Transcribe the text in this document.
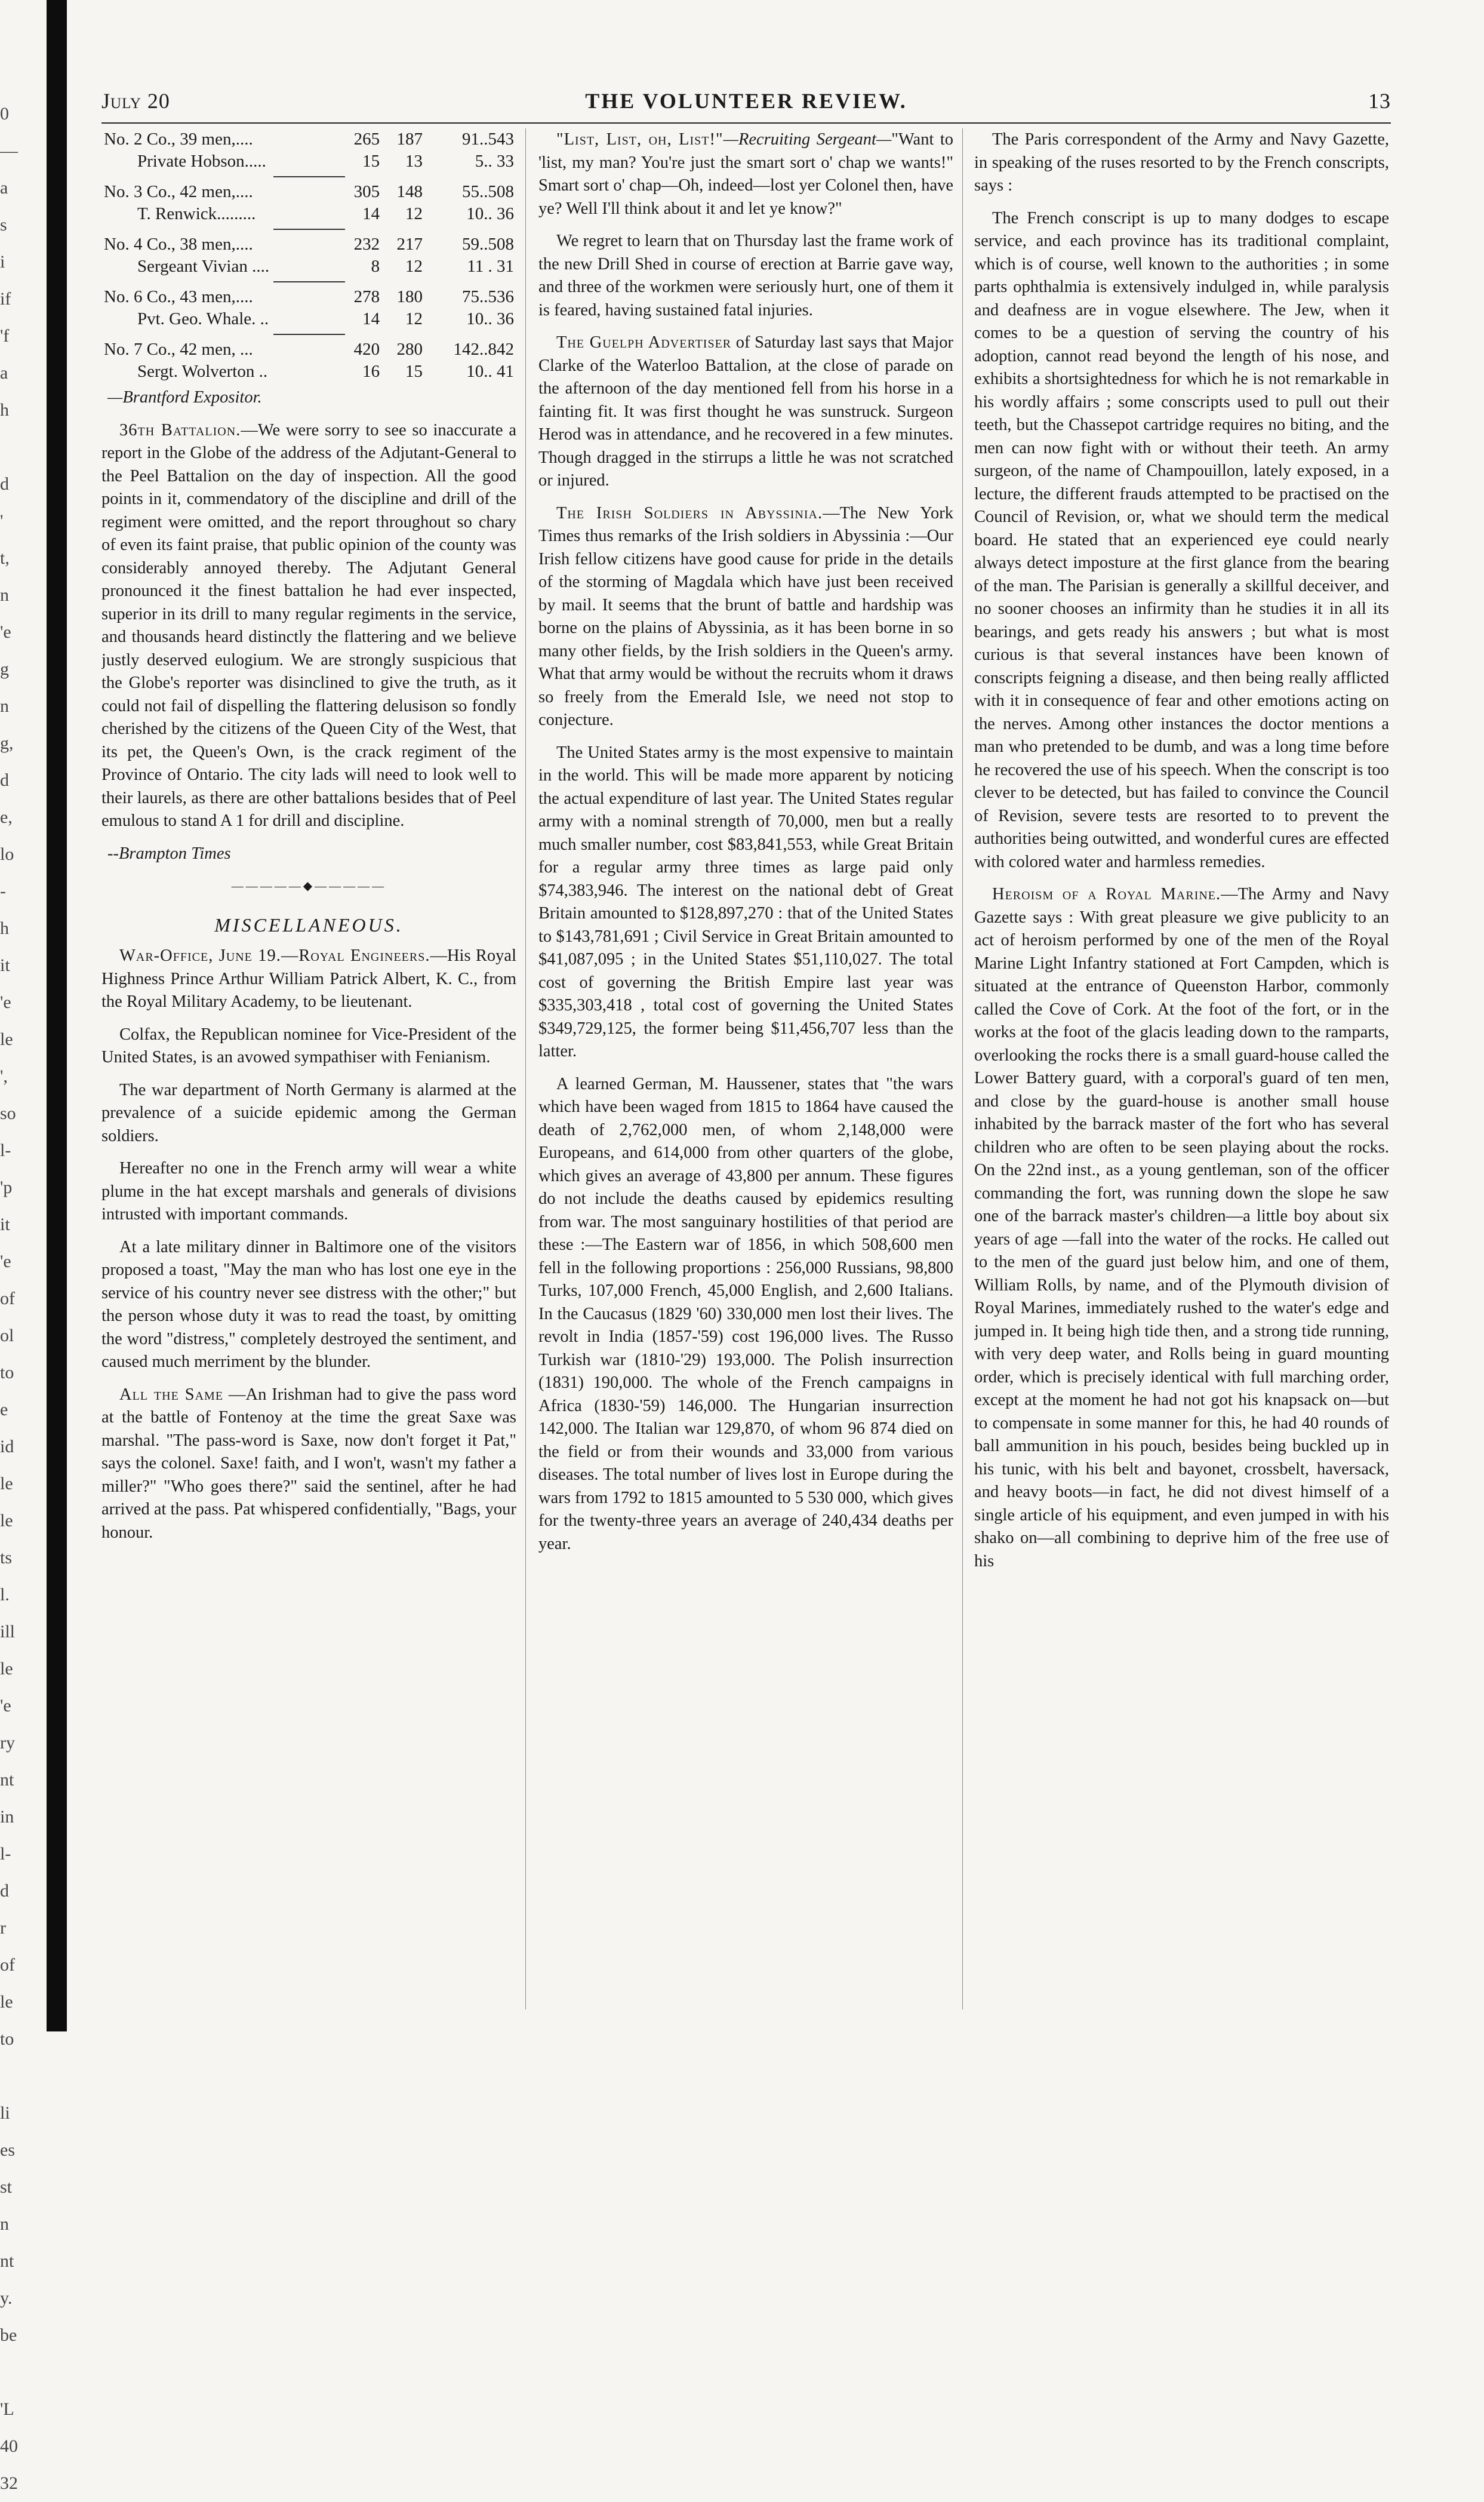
0
—
a
s
i
if
'f
a
h
d
'
t,
n
'e
g
n
g,
d
e,
lo
-
h
it
'e
le
',
so
l-
'p
it
'e
of
ol
to
e
id
le
le
ts
l.
ill
le
'e
ry
nt
in
l-
d
r
of
le
to
li
es
st
n
nt
y.
be
'L
40
32
July 20	THE VOLUNTEER REVIEW.	13
No. 2 Co., 39 men,....	265	187	91..543
Private Hobson.....	15	13	5.. 33

No. 3 Co., 42 men,....	305	148	55..508
T. Renwick.........	14	12	10.. 36

No. 4 Co., 38 men,....	232	217	59..508
Sergeant Vivian ....	8	12	11 . 31

No. 6 Co., 43 men,....	278	180	75..536
Pvt. Geo. Whale. ..	14	12	10.. 36

No. 7 Co., 42 men, ...	420	280	142..842
Sergt. Wolverton ..	16	15	10.. 41

—Brantford Expositor.

36th Battalion.—We were sorry to see so inaccurate a report in the Globe of the address of the Adjutant-General to the Peel Battalion on the day of inspection. All the good points in it, commendatory of the discipline and drill of the regiment were omitted, and the report throughout so chary of even its faint praise, that public opinion of the county was considerably annoyed thereby. The Adjutant General pronounced it the finest battalion he had ever inspected, superior in its drill to many regular regiments in the service, and thousands heard distinctly the flattering and we believe justly deserved eulogium. We are strongly suspicious that the Globe's reporter was disinclined to give the truth, as it could not fail of dispelling the flattering delusison so fondly cherished by the citizens of the Queen City of the West, that its pet, the Queen's Own, is the crack regiment of the Province of Ontario. The city lads will need to look well to their laurels, as there are other battalions besides that of Peel emulous to stand A 1 for drill and discipline.

--Brampton Times

—————◆—————
MISCELLANEOUS.

War-Office, June 19.—Royal Engineers.—His Royal Highness Prince Arthur William Patrick Albert, K. C., from the Royal Military Academy, to be lieutenant.

Colfax, the Republican nominee for Vice-President of the United States, is an avowed sympathiser with Fenianism.

The war department of North Germany is alarmed at the prevalence of a suicide epidemic among the German soldiers.

Hereafter no one in the French army will wear a white plume in the hat except marshals and generals of divisions intrusted with important commands.

At a late military dinner in Baltimore one of the visitors proposed a toast, "May the man who has lost one eye in the service of his country never see distress with the other;" but the person whose duty it was to read the toast, by omitting the word "distress," completely destroyed the sentiment, and caused much merriment by the blunder.

All the Same —An Irishman had to give the pass word at the battle of Fontenoy at the time the great Saxe was marshal. "The pass-word is Saxe, now don't forget it Pat," says the colonel. Saxe! faith, and I won't, wasn't my father a miller?" "Who goes there?" said the sentinel, after he had arrived at the pass. Pat whispered confidentially, "Bags, your honour.

"List, List, oh, List!"—Recruiting Sergeant—"Want to 'list, my man? You're just the smart sort o' chap we wants!" Smart sort o' chap—Oh, indeed—lost yer Colonel then, have ye? Well I'll think about it and let ye know?"

We regret to learn that on Thursday last the frame work of the new Drill Shed in course of erection at Barrie gave way, and three of the workmen were seriously hurt, one of them it is feared, having sustained fatal injuries.

The Guelph Advertiser of Saturday last says that Major Clarke of the Waterloo Battalion, at the close of parade on the afternoon of the day mentioned fell from his horse in a fainting fit. It was first thought he was sunstruck. Surgeon Herod was in attendance, and he recovered in a few minutes. Though dragged in the stirrups a little he was not scratched or injured.

The Irish Soldiers in Abyssinia.—The New York Times thus remarks of the Irish soldiers in Abyssinia :—Our Irish fellow citizens have good cause for pride in the details of the storming of Magdala which have just been received by mail. It seems that the brunt of battle and hardship was borne on the plains of Abyssinia, as it has been borne in so many other fields, by the Irish soldiers in the Queen's army. What that army would be without the recruits whom it draws so freely from the Emerald Isle, we need not stop to conjecture.

The United States army is the most expensive to maintain in the world. This will be made more apparent by noticing the actual expenditure of last year. The United States regular army with a nominal strength of 70,000, men but a really much smaller number, cost $83,841,553, while Great Britain for a regular army three times as large paid only $74,383,946. The interest on the national debt of Great Britain amounted to $128,897,270 : that of the United States to $143,781,691 ; Civil Service in Great Britain amounted to $41,087,095 ; in the United States $51,110,027. The total cost of governing the British Empire last year was $335,303,418 , total cost of governing the United States $349,729,125, the former being $11,456,707 less than the latter.

A learned German, M. Haussener, states that "the wars which have been waged from 1815 to 1864 have caused the death of 2,762,000 men, of whom 2,148,000 were Europeans, and 614,000 from other quarters of the globe, which gives an average of 43,800 per annum. These figures do not include the deaths caused by epidemics resulting from war. The most sanguinary hostilities of that period are these :—The Eastern war of 1856, in which 508,600 men fell in the following proportions : 256,000 Russians, 98,800 Turks, 107,000 French, 45,000 English, and 2,600 Italians. In the Caucasus (1829 '60) 330,000 men lost their lives. The revolt in India (1857-'59) cost 196,000 lives. The Russo Turkish war (1810-'29) 193,000. The Polish insurrection (1831) 190,000. The whole of the French campaigns in Africa (1830-'59) 146,000. The Hungarian insurrection 142,000. The Italian war 129,870, of whom 96 874 died on the field or from their wounds and 33,000 from various diseases. The total number of lives lost in Europe during the wars from 1792 to 1815 amounted to 5 530 000, which gives for the twenty-three years an average of 240,434 deaths per year.

The Paris correspondent of the Army and Navy Gazette, in speaking of the ruses resorted to by the French conscripts, says :

The French conscript is up to many dodges to escape service, and each province has its traditional complaint, which is of course, well known to the authorities ; in some parts ophthalmia is extensively indulged in, while paralysis and deafness are in vogue elsewhere. The Jew, when it comes to be a question of serving the country of his adoption, cannot read beyond the length of his nose, and exhibits a shortsightedness for which he is not remarkable in his wordly affairs ; some conscripts used to pull out their teeth, but the Chassepot cartridge requires no biting, and the men can now fight with or without their teeth. An army surgeon, of the name of Champouillon, lately exposed, in a lecture, the different frauds attempted to be practised on the Council of Revision, or, what we should term the medical board. He stated that an experienced eye could nearly always detect imposture at the first glance from the bearing of the man. The Parisian is generally a skillful deceiver, and no sooner chooses an infirmity than he studies it in all its bearings, and gets ready his answers ; but what is most curious is that several instances have been known of conscripts feigning a disease, and then being really afflicted with it in consequence of fear and other emotions acting on the nerves. Among other instances the doctor mentions a man who pretended to be dumb, and was a long time before he recovered the use of his speech. When the conscript is too clever to be detected, but has failed to convince the Council of Revision, severe tests are resorted to to prevent the authorities being outwitted, and wonderful cures are effected with colored water and harmless remedies.

Heroism of a Royal Marine.—The Army and Navy Gazette says : With great pleasure we give publicity to an act of heroism performed by one of the men of the Royal Marine Light Infantry stationed at Fort Campden, which is situated at the entrance of Queenston Harbor, commonly called the Cove of Cork. At the foot of the fort, or in the works at the foot of the glacis leading down to the ramparts, overlooking the rocks there is a small guard-house called the Lower Battery guard, with a corporal's guard of ten men, and close by the guard-house is another small house inhabited by the barrack master of the fort who has several children who are often to be seen playing about the rocks. On the 22nd inst., as a young gentleman, son of the officer commanding the fort, was running down the slope he saw one of the barrack master's children—a little boy about six years of age —fall into the water of the rocks. He called out to the men of the guard just below him, and one of them, William Rolls, by name, and of the Plymouth division of Royal Marines, immediately rushed to the water's edge and jumped in. It being high tide then, and a strong tide running, with very deep water, and Rolls being in guard mounting order, which is precisely identical with full marching order, except at the moment he had not got his knapsack on—but to compensate in some manner for this, he had 40 rounds of ball ammunition in his pouch, besides being buckled up in his tunic, with his belt and bayonet, crossbelt, haversack, and heavy boots—in fact, he did not divest himself of a single article of his equipment, and even jumped in with his shako on—all combining to deprive him of the free use of his
